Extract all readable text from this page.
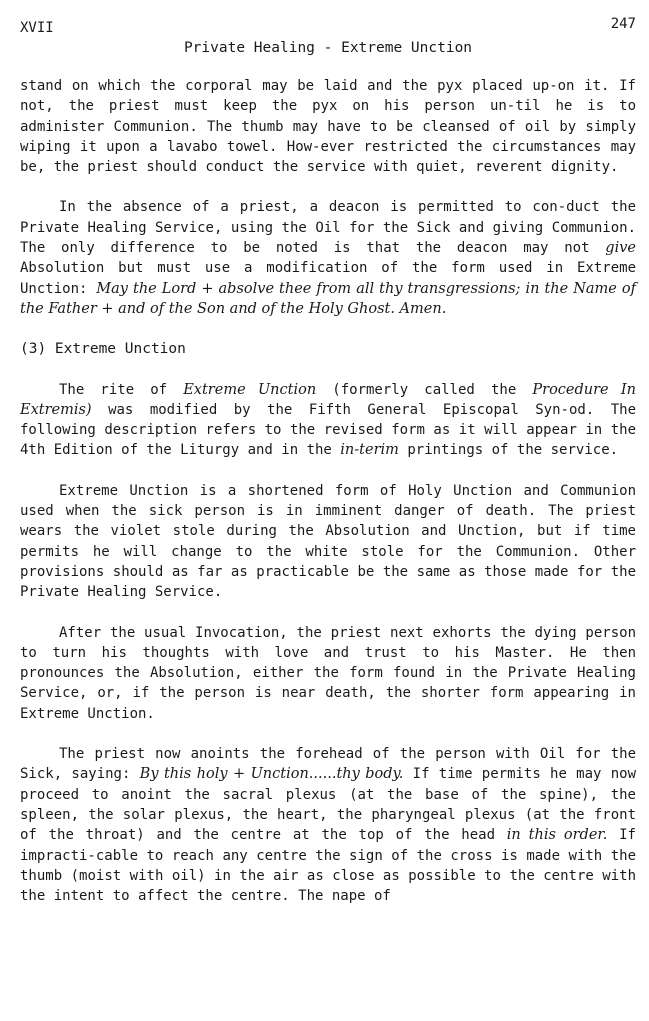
XVII	247
Private Healing - Extreme Unction

stand on which the corporal may be laid and the pyx placed up-on it. If not, the priest must keep the pyx on his person un-til he is to administer Communion. The thumb may have to be cleansed of oil by simply wiping it upon a lavabo towel. How-ever restricted the circumstances may be, the priest should conduct the service with quiet, reverent dignity.

In the absence of a priest, a deacon is permitted to con-duct the Private Healing Service, using the Oil for the Sick and giving Communion. The only difference to be noted is that the deacon may not give Absolution but must use a modification of the form used in Extreme Unction: May the Lord + absolve thee from all thy transgressions; in the Name of the Father + and of the Son and of the Holy Ghost. Amen.

(3) Extreme Unction

The rite of Extreme Unction (formerly called the Procedure In Extremis) was modified by the Fifth General Episcopal Syn-od. The following description refers to the revised form as it will appear in the 4th Edition of the Liturgy and in the in-terim printings of the service.

Extreme Unction is a shortened form of Holy Unction and Communion used when the sick person is in imminent danger of death. The priest wears the violet stole during the Absolution and Unction, but if time permits he will change to the white stole for the Communion. Other provisions should as far as practicable be the same as those made for the Private Healing Service.

After the usual Invocation, the priest next exhorts the dying person to turn his thoughts with love and trust to his Master. He then pronounces the Absolution, either the form found in the Private Healing Service, or, if the person is near death, the shorter form appearing in Extreme Unction.

The priest now anoints the forehead of the person with Oil for the Sick, saying: By this holy + Unction......thy body. If time permits he may now proceed to anoint the sacral plexus (at the base of the spine), the spleen, the solar plexus, the heart, the pharyngeal plexus (at the front of the throat) and the centre at the top of the head in this order. If impracti-cable to reach any centre the sign of the cross is made with the thumb (moist with oil) in the air as close as possible to the centre with the intent to affect the centre. The nape of
